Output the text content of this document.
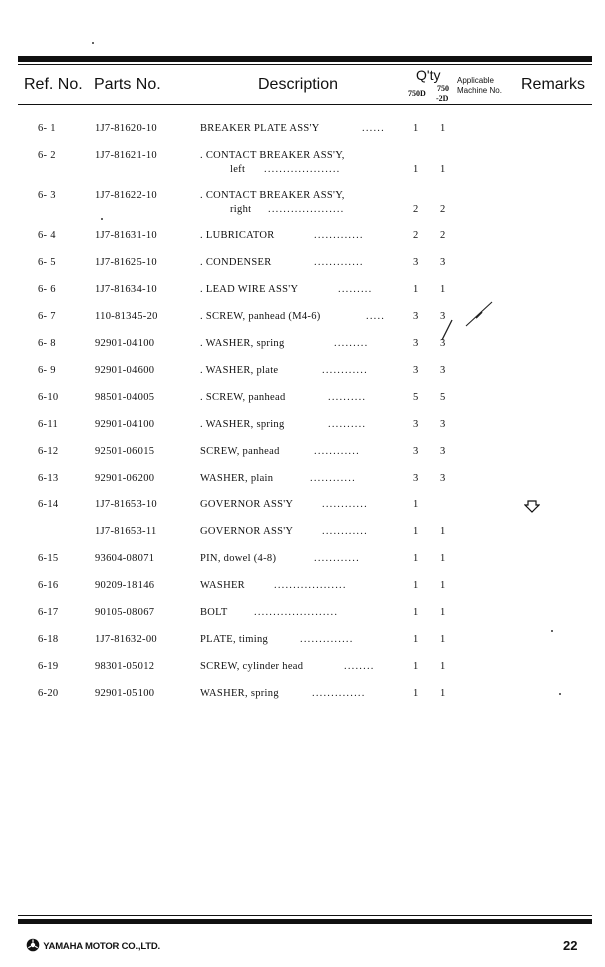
Ref. No. Parts No.	Description
Q'ty
750D
750
-2D
Applicable
Machine No. Remarks
6- 1	1J7-81620-10	BREAKER PLATE ASS'Y	......	1 1
6- 2	1J7-81621-10	. CONTACT BREAKER ASS'Y,
left ....................	1 1
6- 3	1J7-81622-10	. CONTACT BREAKER ASS'Y,
right ....................	2 2
6- 4	1J7-81631-10	. LUBRICATOR	.............	2 2
6- 5	1J7-81625-10	. CONDENSER	.............	3 3
6- 6	1J7-81634-10	. LEAD WIRE ASS'Y	.........	1 1
6- 7	110-81345-20	. SCREW, panhead (M4-6)	.....	3 3
6- 8	92901-04100	. WASHER, spring	.........	3 3
6- 9	92901-04600	. WASHER, plate	............	3 3
6-10	98501-04005	. SCREW, panhead	..........	5 5
6-11	92901-04100	. WASHER, spring	..........	3 3
6-12	92501-06015	SCREW, panhead	............	3 3
6-13	92901-06200	WASHER, plain	............	3 3
6-14	1J7-81653-10	GOVERNOR ASS'Y	............	1
1J7-81653-11	GOVERNOR ASS'Y	............	1 1
6-15	93604-08071	PIN, dowel (4-8)	............	1 1
6-16	90209-18146	WASHER	...................	1 1
6-17	90105-08067	BOLT	......................	1 1
6-18	1J7-81632-00	PLATE, timing	..............	1 1
6-19	98301-05012	SCREW, cylinder head	........	1 1
6-20	92901-05100	WASHER, spring	..............	1 1
YAMAHA MOTOR CO.,LTD.	22
